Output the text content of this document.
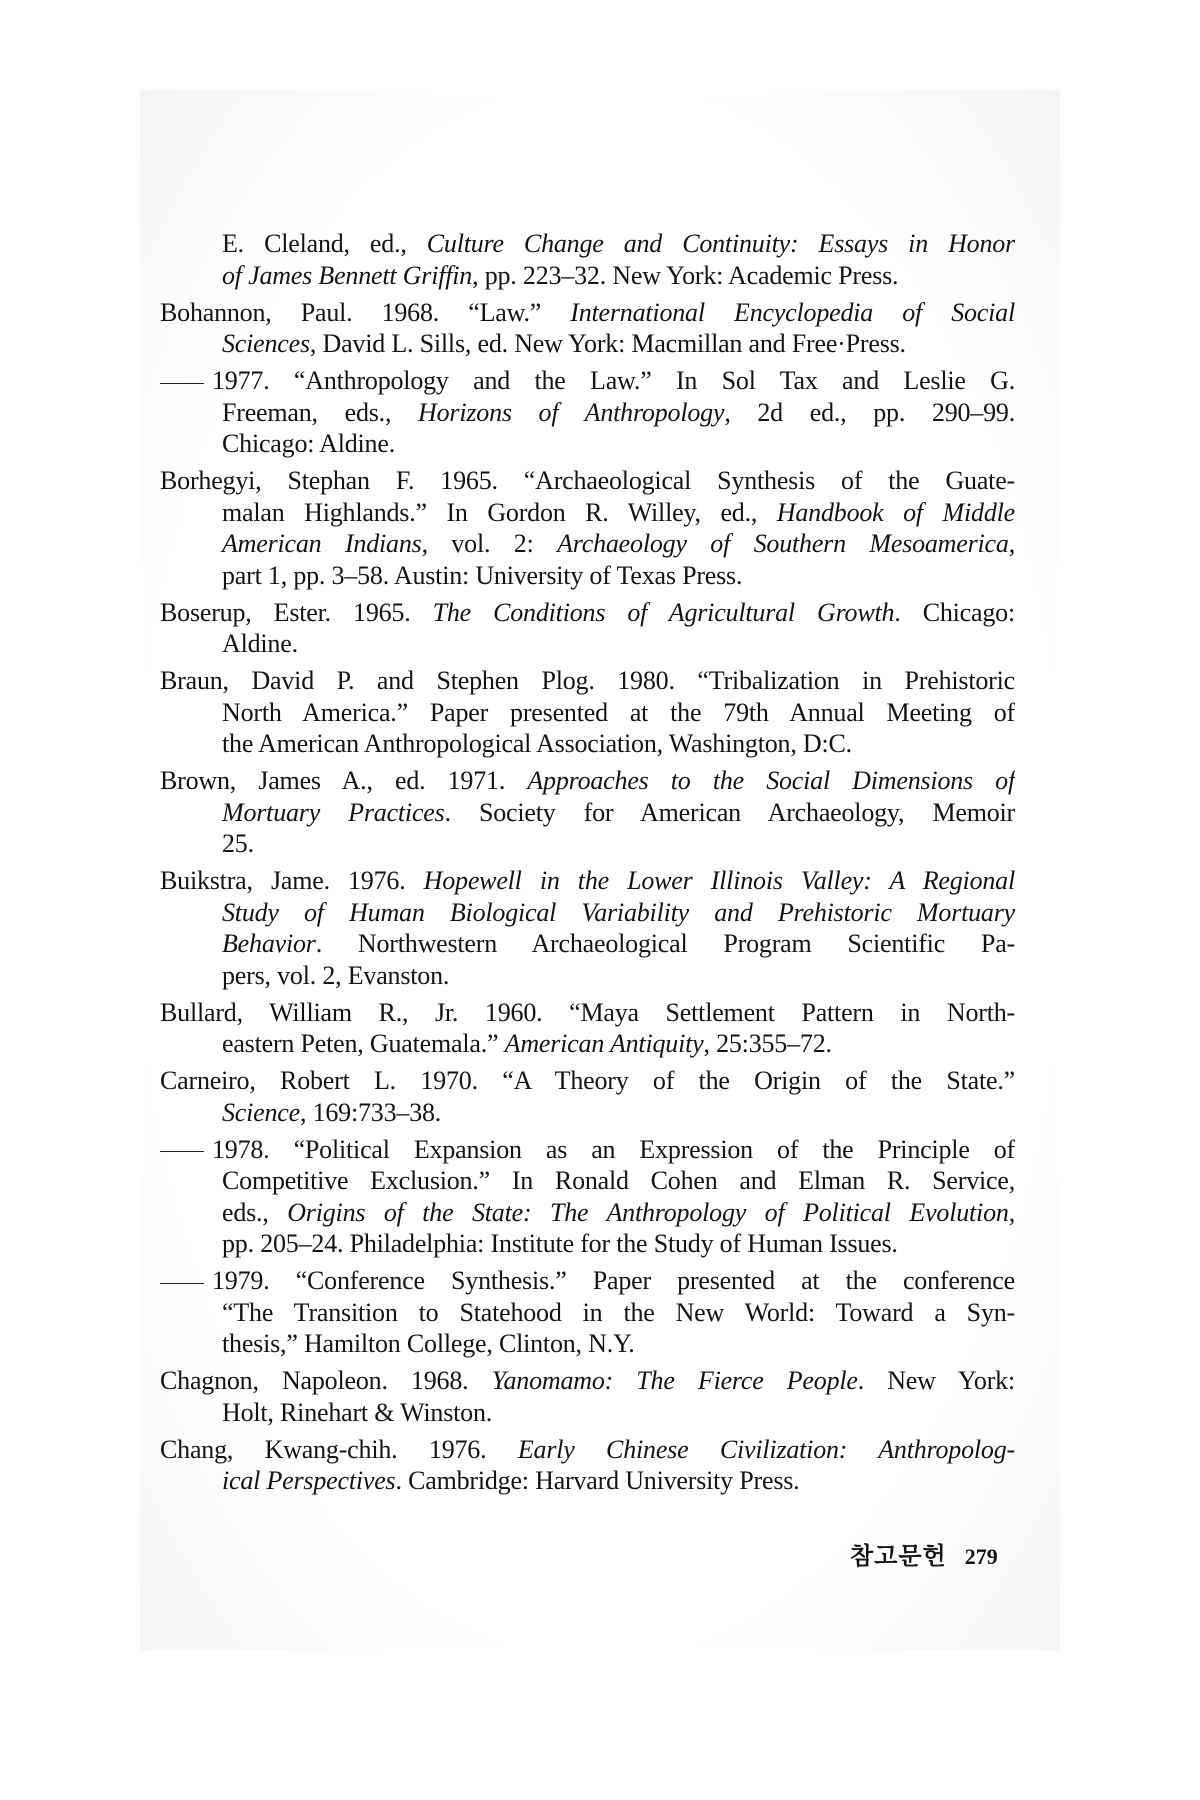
E. Cleland, ed., Culture Change and Continuity: Essays in Honor
of James Bennett Griffin, pp. 223–32. New York: Academic Press.
Bohannon, Paul. 1968. “Law.” International Encyclopedia of Social
Sciences, David L. Sills, ed. New York: Macmillan and Free·Press.
1977. “Anthropology and the Law.” In Sol Tax and Leslie G.
Freeman, eds., Horizons of Anthropology, 2d ed., pp. 290–99.
Chicago: Aldine.
Borhegyi, Stephan F. 1965. “Archaeological Synthesis of the Guate-
malan Highlands.” In Gordon R. Willey, ed., Handbook of Middle
American Indians, vol. 2: Archaeology of Southern Mesoamerica,
part 1, pp. 3–58. Austin: University of Texas Press.
Boserup, Ester. 1965. The Conditions of Agricultural Growth. Chicago:
Aldine.
Braun, David P. and Stephen Plog. 1980. “Tribalization in Prehistoric
North America.” Paper presented at the 79th Annual Meeting of
the American Anthropological Association, Washington, D:C.
Brown, James A., ed. 1971. Approaches to the Social Dimensions of
Mortuary Practices. Society for American Archaeology, Memoir
25.
Buikstra, Jame. 1976. Hopewell in the Lower Illinois Valley: A Regional
Study of Human Biological Variability and Prehistoric Mortuary
Behavior. Northwestern Archaeological Program Scientific Pa-
pers, vol. 2, Evanston.
Bullard, William R., Jr. 1960. “Maya Settlement Pattern in North-
eastern Peten, Guatemala.” American Antiquity, 25:355–72.
Carneiro, Robert L. 1970. “A Theory of the Origin of the State.”
Science, 169:733–38.
1978. “Political Expansion as an Expression of the Principle of
Competitive Exclusion.” In Ronald Cohen and Elman R. Service,
eds., Origins of the State: The Anthropology of Political Evolution,
pp. 205–24. Philadelphia: Institute for the Study of Human Issues.
1979. “Conference Synthesis.” Paper presented at the conference
“The Transition to Statehood in the New World: Toward a Syn-
thesis,” Hamilton College, Clinton, N.Y.
Chagnon, Napoleon. 1968. Yanomamo: The Fierce People. New York:
Holt, Rinehart & Winston.
Chang, Kwang-chih. 1976. Early Chinese Civilization: Anthropolog-
ical Perspectives. Cambridge: Harvard University Press.
참고문헌 279
